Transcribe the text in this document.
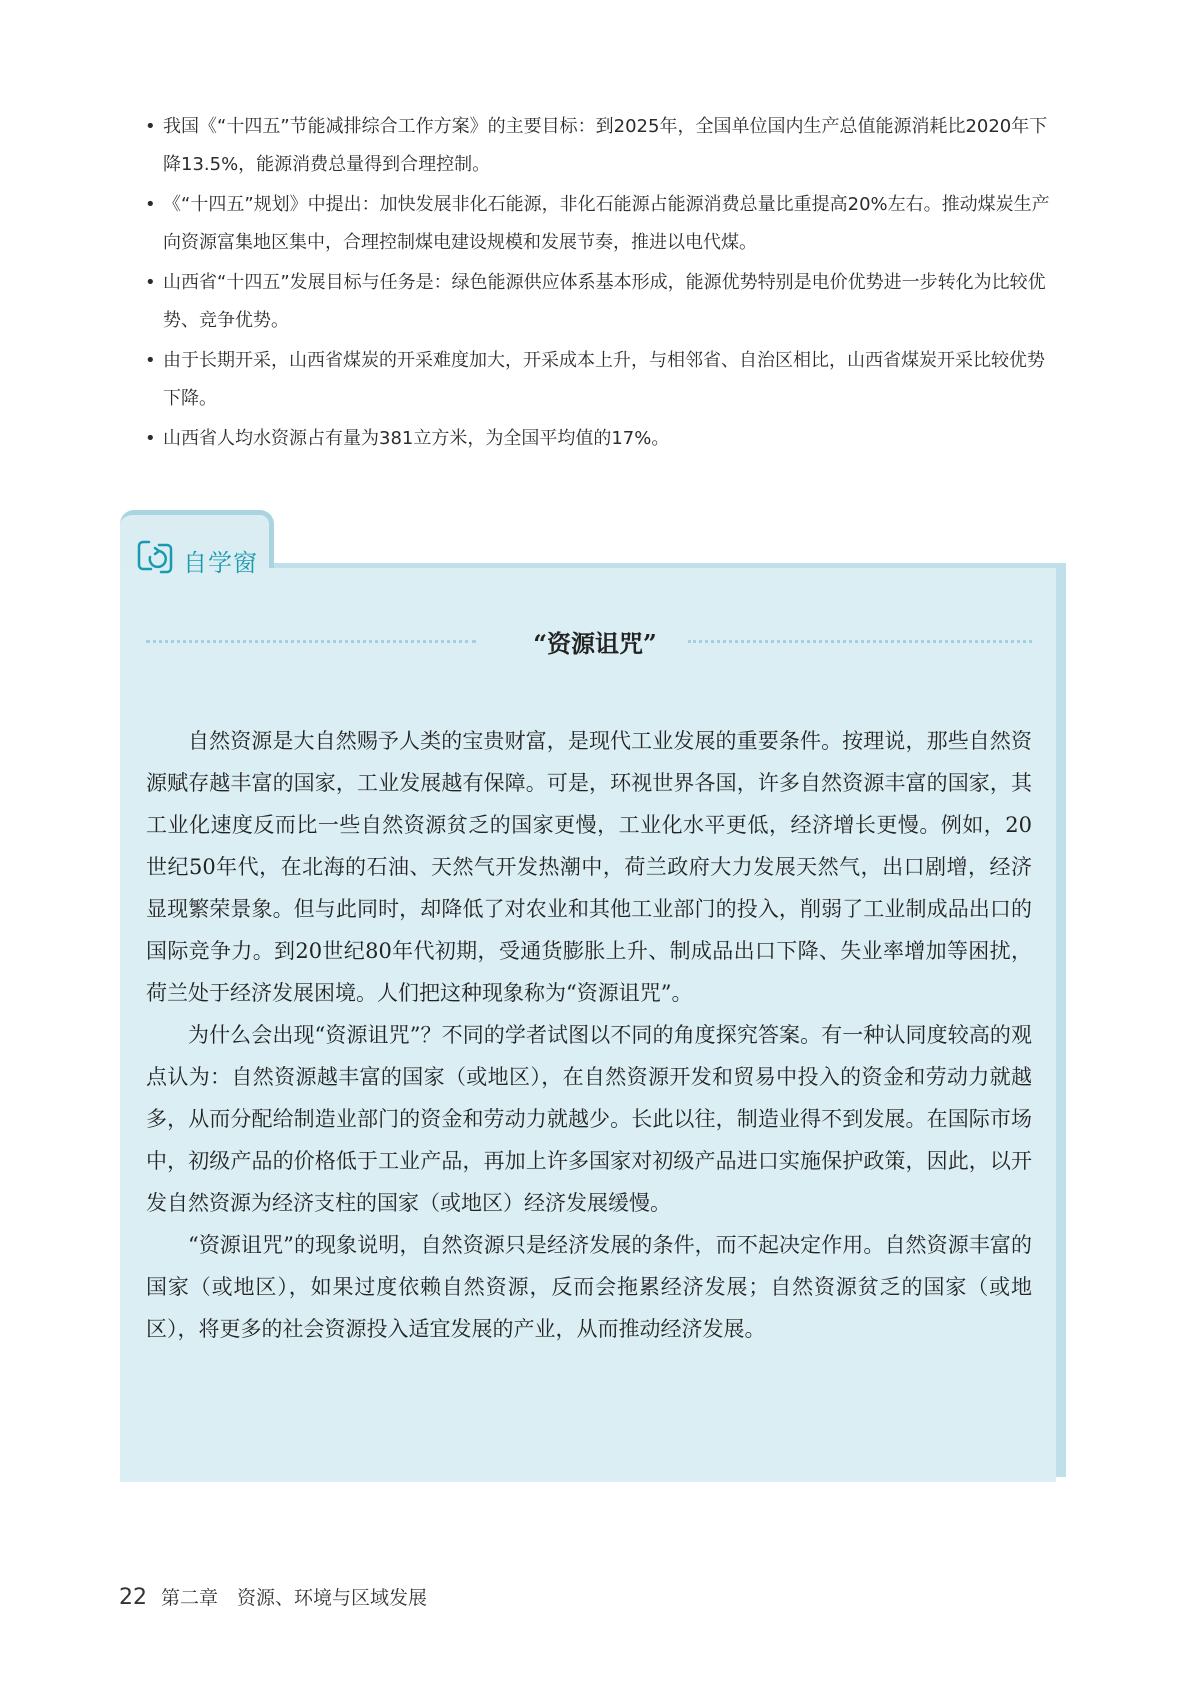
• 我国《“十四五”节能减排综合工作方案》的主要目标：到2025年，全国单位国内生产总值能源消耗比2020年下降13.5%，能源消费总量得到合理控制。
• 《“十四五”规划》中提出：加快发展非化石能源，非化石能源占能源消费总量比重提高20%左右。推动煤炭生产向资源富集地区集中，合理控制煤电建设规模和发展节奏，推进以电代煤。
• 山西省“十四五”发展目标与任务是：绿色能源供应体系基本形成，能源优势特别是电价优势进一步转化为比较优势、竞争优势。
• 由于长期开采，山西省煤炭的开采难度加大，开采成本上升，与相邻省、自治区相比，山西省煤炭开采比较优势下降。
• 山西省人均水资源占有量为381立方米，为全国平均值的17%。
自学窗
“资源诅咒”

自然资源是大自然赐予人类的宝贵财富，是现代工业发展的重要条件。按理说，那些自然资源赋存越丰富的国家，工业发展越有保障。可是，环视世界各国，许多自然资源丰富的国家，其工业化速度反而比一些自然资源贫乏的国家更慢，工业化水平更低，经济增长更慢。例如，20世纪50年代，在北海的石油、天然气开发热潮中，荷兰政府大力发展天然气，出口剧增，经济显现繁荣景象。但与此同时，却降低了对农业和其他工业部门的投入，削弱了工业制成品出口的国际竞争力。到20世纪80年代初期，受通货膨胀上升、制成品出口下降、失业率增加等困扰，荷兰处于经济发展困境。人们把这种现象称为“资源诅咒”。

为什么会出现“资源诅咒”？不同的学者试图以不同的角度探究答案。有一种认同度较高的观点认为：自然资源越丰富的国家（或地区），在自然资源开发和贸易中投入的资金和劳动力就越多，从而分配给制造业部门的资金和劳动力就越少。长此以往，制造业得不到发展。在国际市场中，初级产品的价格低于工业产品，再加上许多国家对初级产品进口实施保护政策，因此，以开发自然资源为经济支柱的国家（或地区）经济发展缓慢。

“资源诅咒”的现象说明，自然资源只是经济发展的条件，而不起决定作用。自然资源丰富的国家（或地区），如果过度依赖自然资源，反而会拖累经济发展；自然资源贫乏的国家（或地区），将更多的社会资源投入适宜发展的产业，从而推动经济发展。

22 第二章　资源、环境与区域发展
